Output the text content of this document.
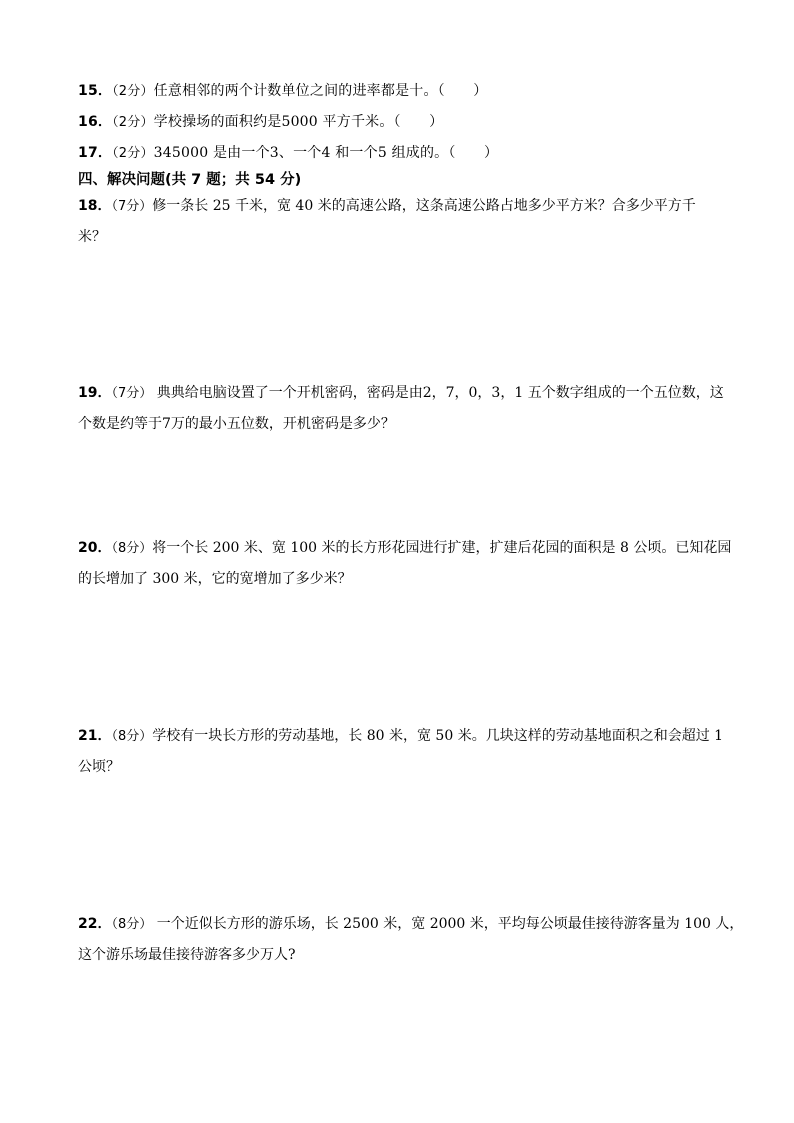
15．（2分）任意相邻的两个计数单位之间的进率都是十。（　　）
16．（2分）学校操场的面积约是5000 平方千米。（　　）
17．（2分）345000 是由一个3、一个4 和一个5 组成的。（　　）
四、解决问题(共 7 题；共 54 分)
18．（7分）修一条长 25 千米，宽 40 米的高速公路，这条高速公路占地多少平方米？合多少平方千
米？
19．（7分） 典典给电脑设置了一个开机密码，密码是由2，7，0，3，1 五个数字组成的一个五位数，这
个数是约等于7万的最小五位数，开机密码是多少？
20．（8分）将一个长 200 米、宽 100 米的长方形花园进行扩建，扩建后花园的面积是 8 公顷。已知花园
的长增加了 300 米，它的宽增加了多少米？
21．（8分）学校有一块长方形的劳动基地，长 80 米，宽 50 米。几块这样的劳动基地面积之和会超过 1
公顷？
22．（8分） 一个近似长方形的游乐场，长 2500 米，宽 2000 米，平均每公顷最佳接待游客量为 100 人，
这个游乐场最佳接待游客多少万人?
